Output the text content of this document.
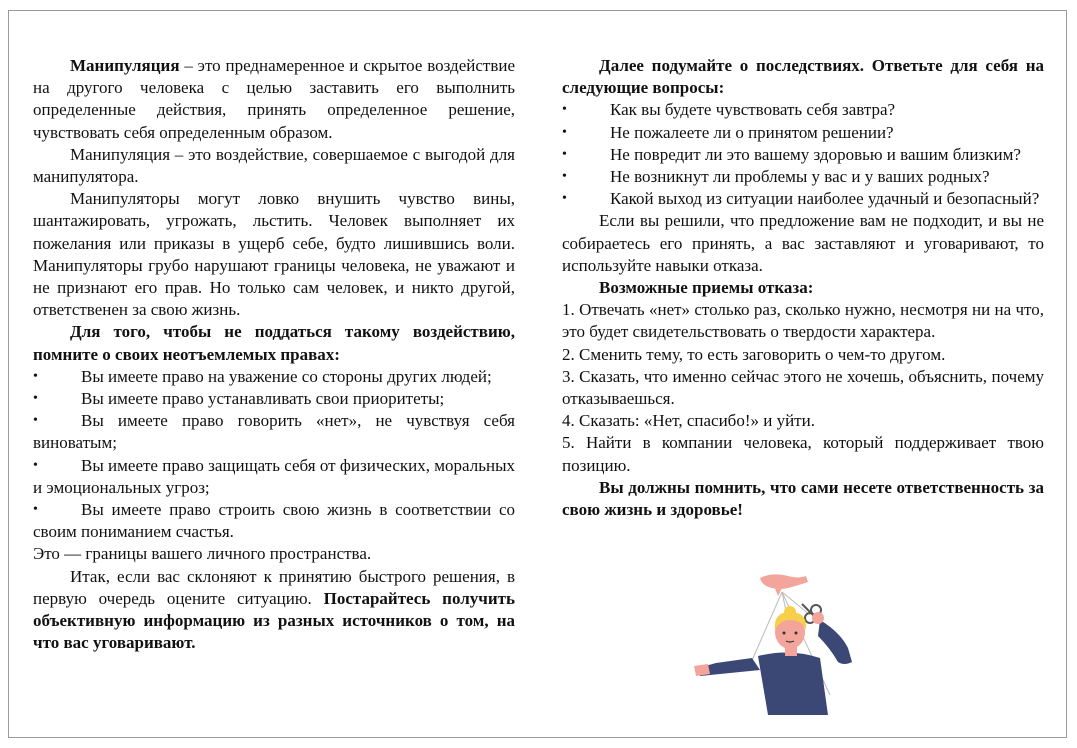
Манипуляция – это преднамеренное и скрытое воздействие на другого человека с целью заставить его выполнить определенные действия, принять определенное решение, чувствовать себя определенным образом.

Манипуляция – это воздействие, совершаемое с выгодой для манипулятора.

Манипуляторы могут ловко внушить чувство вины, шантажировать, угрожать, льстить. Человек выполняет их пожелания или приказы в ущерб себе, будто лишившись воли. Манипуляторы грубо нарушают границы человека, не уважают и не признают его прав. Но только сам человек, и никто другой, ответственен за свою жизнь.

Для того, чтобы не поддаться такому воздействию, помните о своих неотъемлемых правах:

Вы имеете право на уважение со стороны других людей;
Вы имеете право устанавливать свои приоритеты;
Вы имеете право говорить «нет», не чувствуя себя виноватым;
Вы имеете право защищать себя от физических, моральных и эмоциональных угроз;
Вы имеете право строить свою жизнь в соответствии со своим пониманием счастья.

Это — границы вашего личного пространства.

Итак, если вас склоняют к принятию быстрого решения, в первую очередь оцените ситуацию. Постарайтесь получить объективную информацию из разных источников о том, на что вас уговаривают.

Далее подумайте о последствиях. Ответьте для себя на следующие вопросы:

Как вы будете чувствовать себя завтра?
Не пожалеете ли о принятом решении?
Не повредит ли это вашему здоровью и вашим близким?
Не возникнут ли проблемы у вас и у ваших родных?
Какой выход из ситуации наиболее удачный и безопасный?

Если вы решили, что предложение вам не подходит, и вы не собираетесь его принять, а вас заставляют и уговаривают, то используйте навыки отказа.

Возможные приемы отказа:

1. Отвечать «нет» столько раз, сколько нужно, несмотря ни на что, это будет свидетельствовать о твердости характера.

2. Сменить тему, то есть заговорить о чем-то другом.

3. Сказать, что именно сейчас этого не хочешь, объяснить, почему отказываешься.

4. Сказать: «Нет, спасибо!» и уйти.

5. Найти в компании человека, который поддерживает твою позицию.

Вы должны помнить, что сами несете ответственность за свою жизнь и здоровье!
